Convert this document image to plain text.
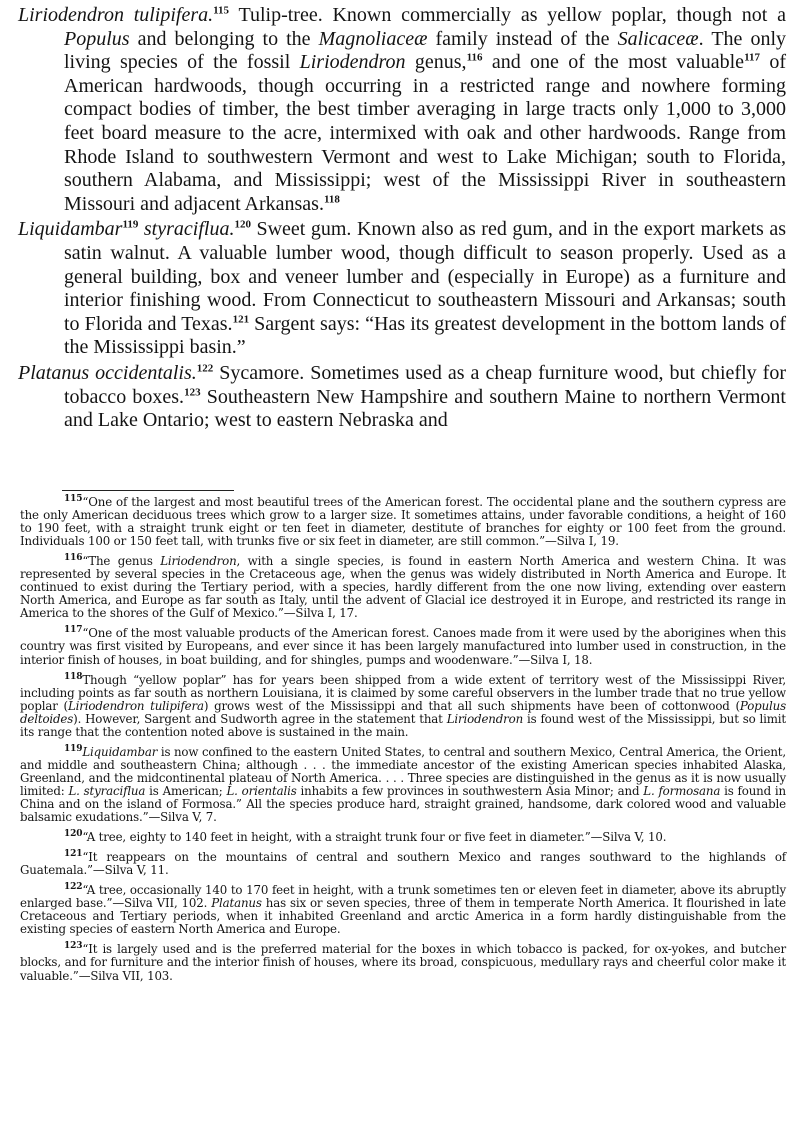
Liriodendron tulipifera.$^{115}$ Tulip-tree. Known commercially as yellow poplar, though not a Populus and belonging to the Magnoliaceæ family instead of the Salicaceæ. The only living species of the fossil Liriodendron genus,$^{116}$ and one of the most valuable$^{117}$ of American hardwoods, though occurring in a restricted range and nowhere forming compact bodies of timber, the best timber averaging in large tracts only 1,000 to 3,000 feet board measure to the acre, intermixed with oak and other hardwoods. Range from Rhode Island to southwestern Vermont and west to Lake Michigan; south to Florida, southern Alabama, and Mississippi; west of the Mississippi River in southeastern Missouri and adjacent Arkansas.$^{118}$

Liquidambar$^{119}$ styraciflua.$^{120}$ Sweet gum. Known also as red gum, and in the export markets as satin walnut. A valuable lumber wood, though difficult to season properly. Used as a general building, box and veneer lumber and (especially in Europe) as a furniture and interior finishing wood. From Connecticut to southeastern Missouri and Arkansas; south to Florida and Texas.$^{121}$ Sargent says: “Has its greatest development in the bottom lands of the Mississippi basin.”

Platanus occidentalis.$^{122}$ Sycamore. Sometimes used as a cheap furniture wood, but chiefly for tobacco boxes.$^{123}$ Southeastern New Hampshire and southern Maine to northern Vermont and Lake Ontario; west to eastern Nebraska and

$^{115}$“One of the largest and most beautiful trees of the American forest. The occidental plane and the southern cypress are the only American deciduous trees which grow to a larger size. It sometimes attains, under favorable conditions, a height of 160 to 190 feet, with a straight trunk eight or ten feet in diameter, destitute of branches for eighty or 100 feet from the ground. Individuals 100 or 150 feet tall, with trunks five or six feet in diameter, are still common.”—Silva I, 19.

$^{116}$“The genus Liriodendron, with a single species, is found in eastern North America and western China. It was represented by several species in the Cretaceous age, when the genus was widely distributed in North America and Europe. It continued to exist during the Tertiary period, with a species, hardly different from the one now living, extending over eastern North America, and Europe as far south as Italy, until the advent of Glacial ice destroyed it in Europe, and restricted its range in America to the shores of the Gulf of Mexico.”—Silva I, 17.

$^{117}$“One of the most valuable products of the American forest. Canoes made from it were used by the aborigines when this country was first visited by Europeans, and ever since it has been largely manufactured into lumber used in construction, in the interior finish of houses, in boat building, and for shingles, pumps and woodenware.”—Silva I, 18.

$^{118}$Though “yellow poplar” has for years been shipped from a wide extent of territory west of the Mississippi River, including points as far south as northern Louisiana, it is claimed by some careful observers in the lumber trade that no true yellow poplar (Liriodendron tulipifera) grows west of the Mississippi and that all such shipments have been of cottonwood (Populus deltoides). However, Sargent and Sudworth agree in the statement that Liriodendron is found west of the Mississippi, but so limit its range that the contention noted above is sustained in the main.

$^{119}$Liquidambar is now confined to the eastern United States, to central and southern Mexico, Central America, the Orient, and middle and southeastern China; although . . . the immediate ancestor of the existing American species inhabited Alaska, Greenland, and the midcontinental plateau of North America. . . . Three species are distinguished in the genus as it is now usually limited: L. styraciflua is American; L. orientalis inhabits a few provinces in southwestern Asia Minor; and L. formosana is found in China and on the island of Formosa.” All the species produce hard, straight grained, handsome, dark colored wood and valuable balsamic exudations.”—Silva V, 7.

$^{120}$“A tree, eighty to 140 feet in height, with a straight trunk four or five feet in diameter.”—Silva V, 10.

$^{121}$“It reappears on the mountains of central and southern Mexico and ranges southward to the highlands of Guatemala.”—Silva V, 11.

$^{122}$“A tree, occasionally 140 to 170 feet in height, with a trunk sometimes ten or eleven feet in diameter, above its abruptly enlarged base.”—Silva VII, 102. Platanus has six or seven species, three of them in temperate North America. It flourished in late Cretaceous and Tertiary periods, when it inhabited Greenland and arctic America in a form hardly distinguishable from the existing species of eastern North America and Europe.

$^{123}$“It is largely used and is the preferred material for the boxes in which tobacco is packed, for ox-yokes, and butcher blocks, and for furniture and the interior finish of houses, where its broad, conspicuous, medullary rays and cheerful color make it valuable.”—Silva VII, 103.
